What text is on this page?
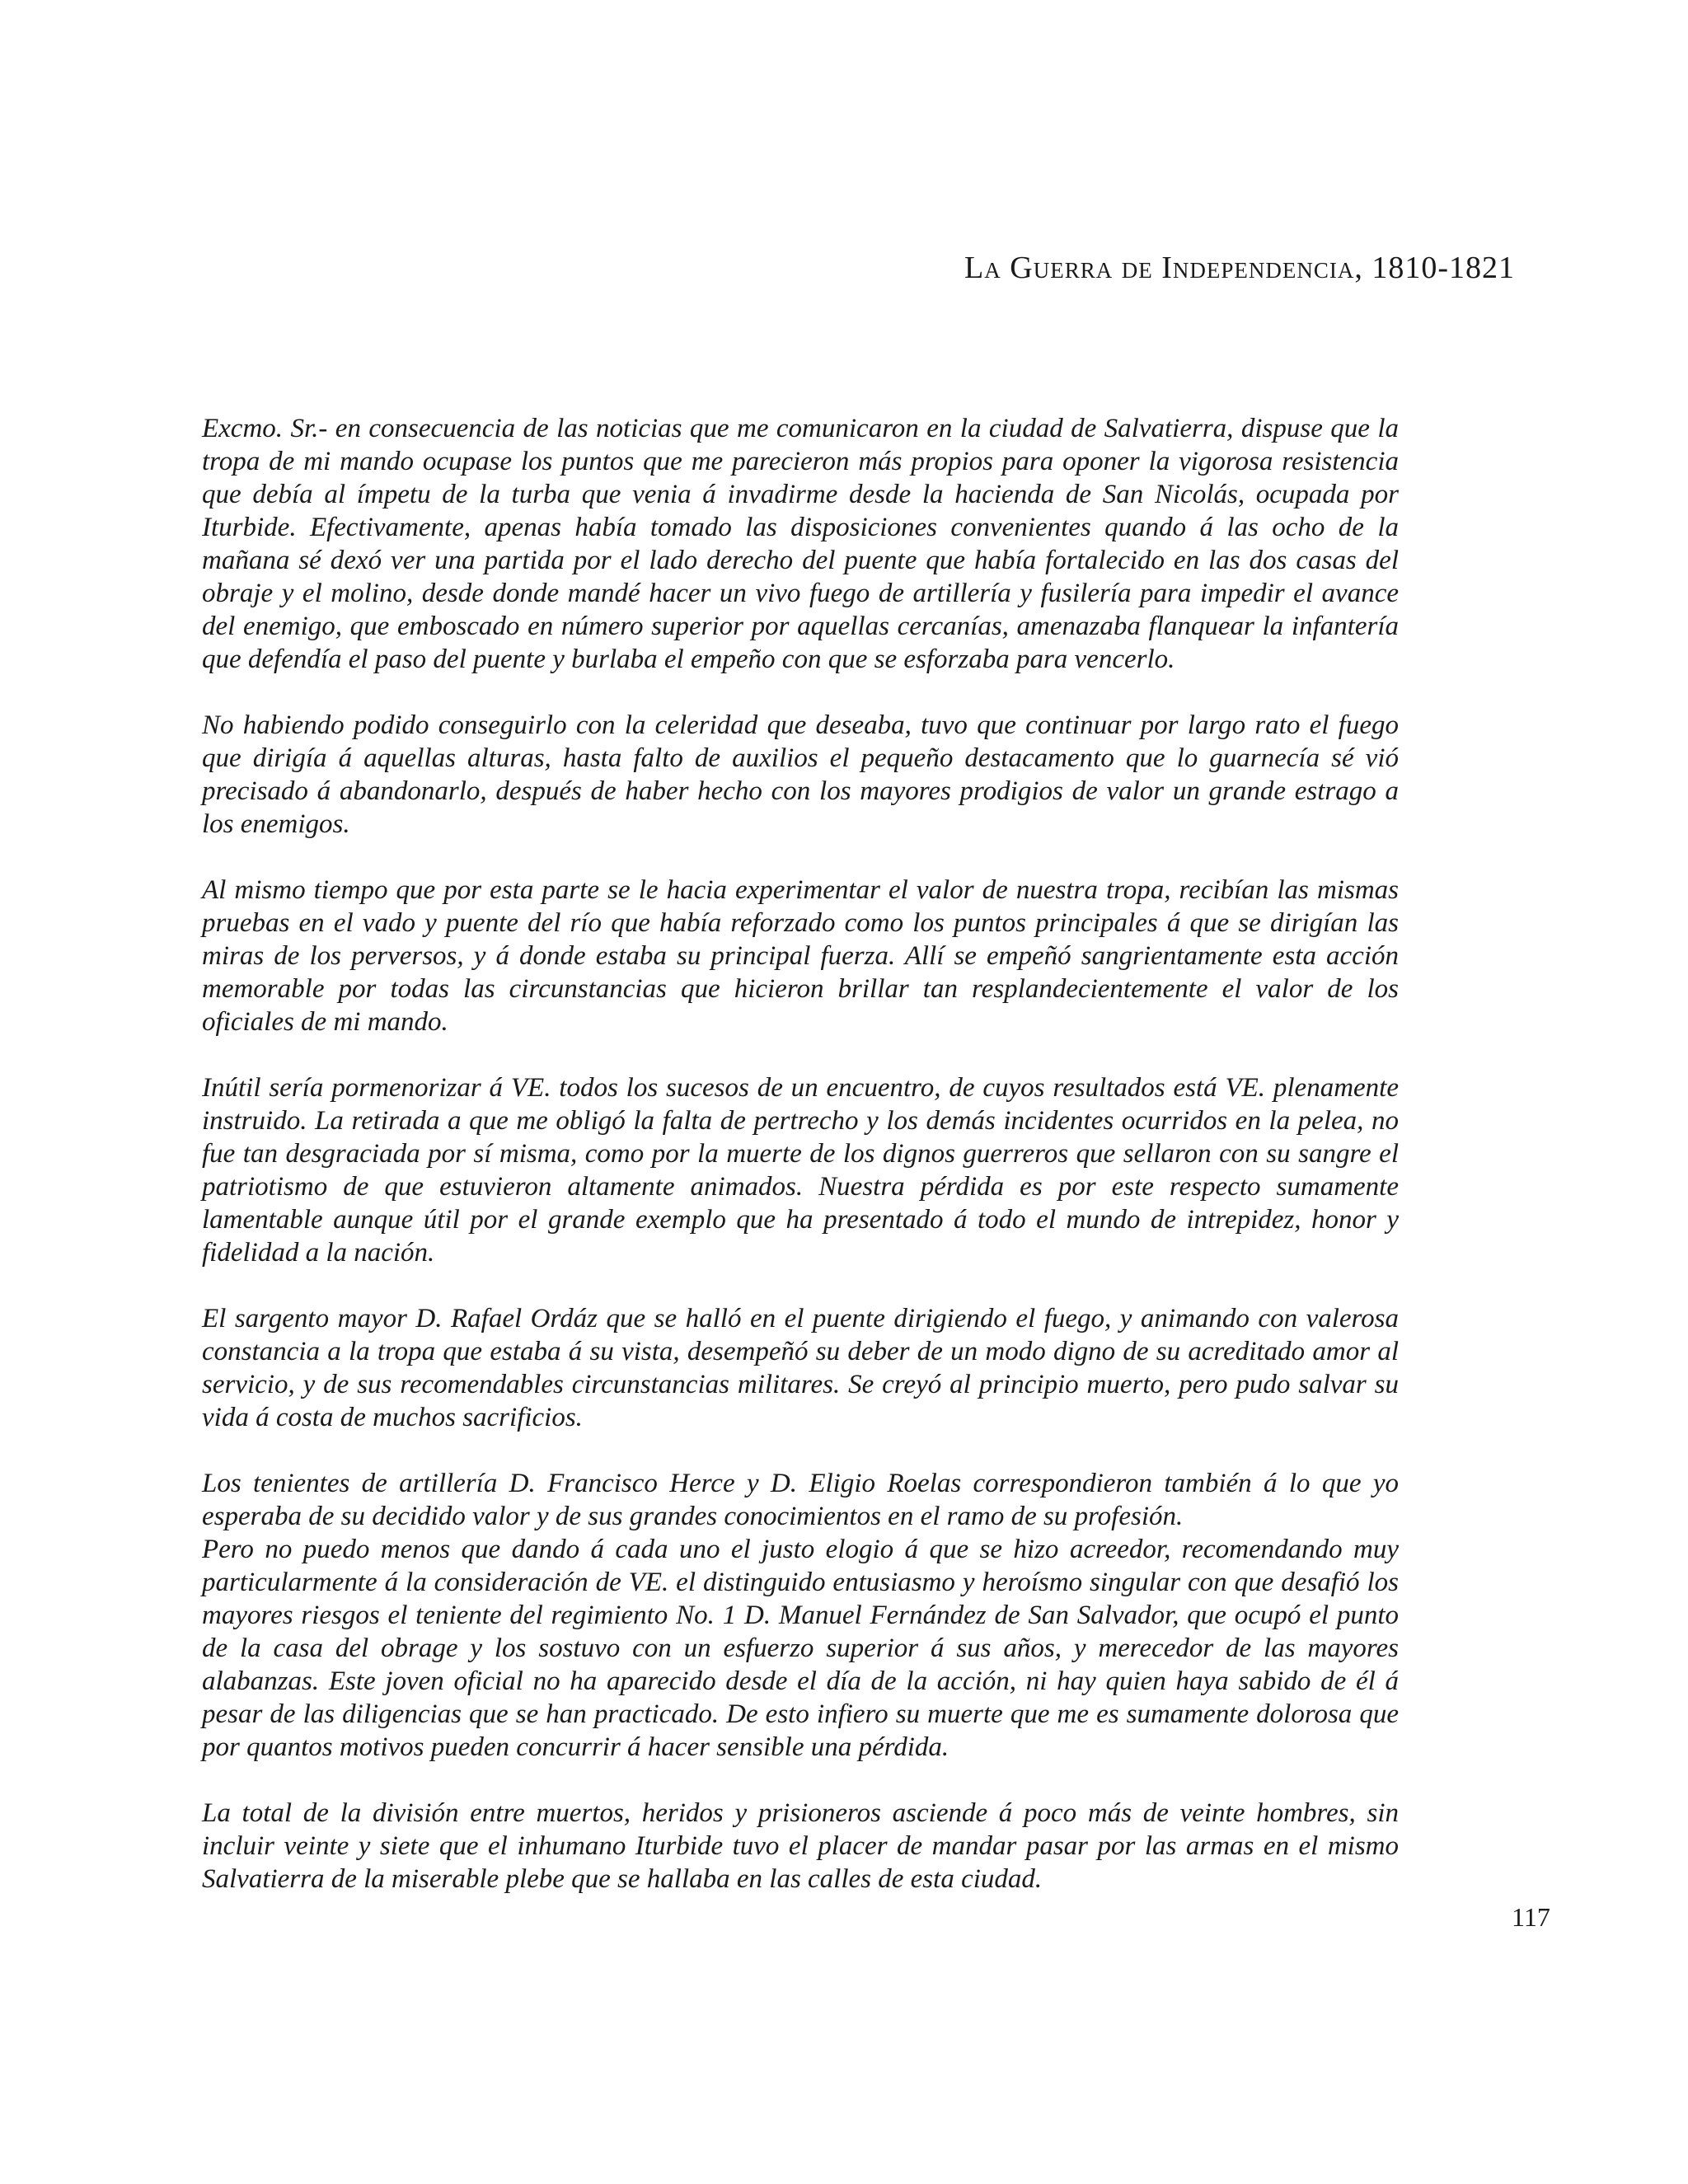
La Guerra de Independencia, 1810-1821

Excmo. Sr.- en consecuencia de las noticias que me comunicaron en la ciudad de Salvatierra, dispuse que la tropa de mi mando ocupase los puntos que me parecieron más propios para oponer la vigorosa resistencia que debía al ímpetu de la turba que venia á invadirme desde la hacienda de San Nicolás, ocupada por Iturbide. Efectivamente, apenas había tomado las disposiciones convenientes quando á las ocho de la mañana sé dexó ver una partida por el lado derecho del puente que había fortalecido en las dos casas del obraje y el molino, desde donde mandé hacer un vivo fuego de artillería y fusilería para impedir el avance del enemigo, que emboscado en número superior por aquellas cercanías, amenazaba flanquear la infantería que defendía el paso del puente y burlaba el empeño con que se esforzaba para vencerlo.

No habiendo podido conseguirlo con la celeridad que deseaba, tuvo que continuar por largo rato el fuego que dirigía á aquellas alturas, hasta falto de auxilios el pequeño destacamento que lo guarnecía sé vió precisado á abandonarlo, después de haber hecho con los mayores prodigios de valor un grande estrago a los enemigos.

Al mismo tiempo que por esta parte se le hacia experimentar el valor de nuestra tropa, recibían las mismas pruebas en el vado y puente del río que había reforzado como los puntos principales á que se dirigían las miras de los perversos, y á donde estaba su principal fuerza. Allí se empeñó sangrientamente esta acción memorable por todas las circunstancias que hicieron brillar tan resplandecientemente el valor de los oficiales de mi mando.

Inútil sería pormenorizar á VE. todos los sucesos de un encuentro, de cuyos resultados está VE. plenamente instruido. La retirada a que me obligó la falta de pertrecho y los demás incidentes ocurridos en la pelea, no fue tan desgraciada por sí misma, como por la muerte de los dignos guerreros que sellaron con su sangre el patriotismo de que estuvieron altamente animados. Nuestra pérdida es por este respecto sumamente lamentable aunque útil por el grande exemplo que ha presentado á todo el mundo de intrepidez, honor y fidelidad a la nación.

El sargento mayor D. Rafael Ordáz que se halló en el puente dirigiendo el fuego, y animando con valerosa constancia a la tropa que estaba á su vista, desempeñó su deber de un modo digno de su acreditado amor al servicio, y de sus recomendables circunstancias militares. Se creyó al principio muerto, pero pudo salvar su vida á costa de muchos sacrificios.

Los tenientes de artillería D. Francisco Herce y D. Eligio Roelas correspondieron también á lo que yo esperaba de su decidido valor y de sus grandes conocimientos en el ramo de su profesión.

Pero no puedo menos que dando á cada uno el justo elogio á que se hizo acreedor, recomendando muy particularmente á la consideración de VE. el distinguido entusiasmo y heroísmo singular con que desafió los mayores riesgos el teniente del regimiento No. 1 D. Manuel Fernández de San Salvador, que ocupó el punto de la casa del obrage y los sostuvo con un esfuerzo superior á sus años, y merecedor de las mayores alabanzas. Este joven oficial no ha aparecido desde el día de la acción, ni hay quien haya sabido de él á pesar de las diligencias que se han practicado. De esto infiero su muerte que me es sumamente dolorosa que por quantos motivos pueden concurrir á hacer sensible una pérdida.

La total de la división entre muertos, heridos y prisioneros asciende á poco más de veinte hombres, sin incluir veinte y siete que el inhumano Iturbide tuvo el placer de mandar pasar por las armas en el mismo Salvatierra de la miserable plebe que se hallaba en las calles de esta ciudad.

117
